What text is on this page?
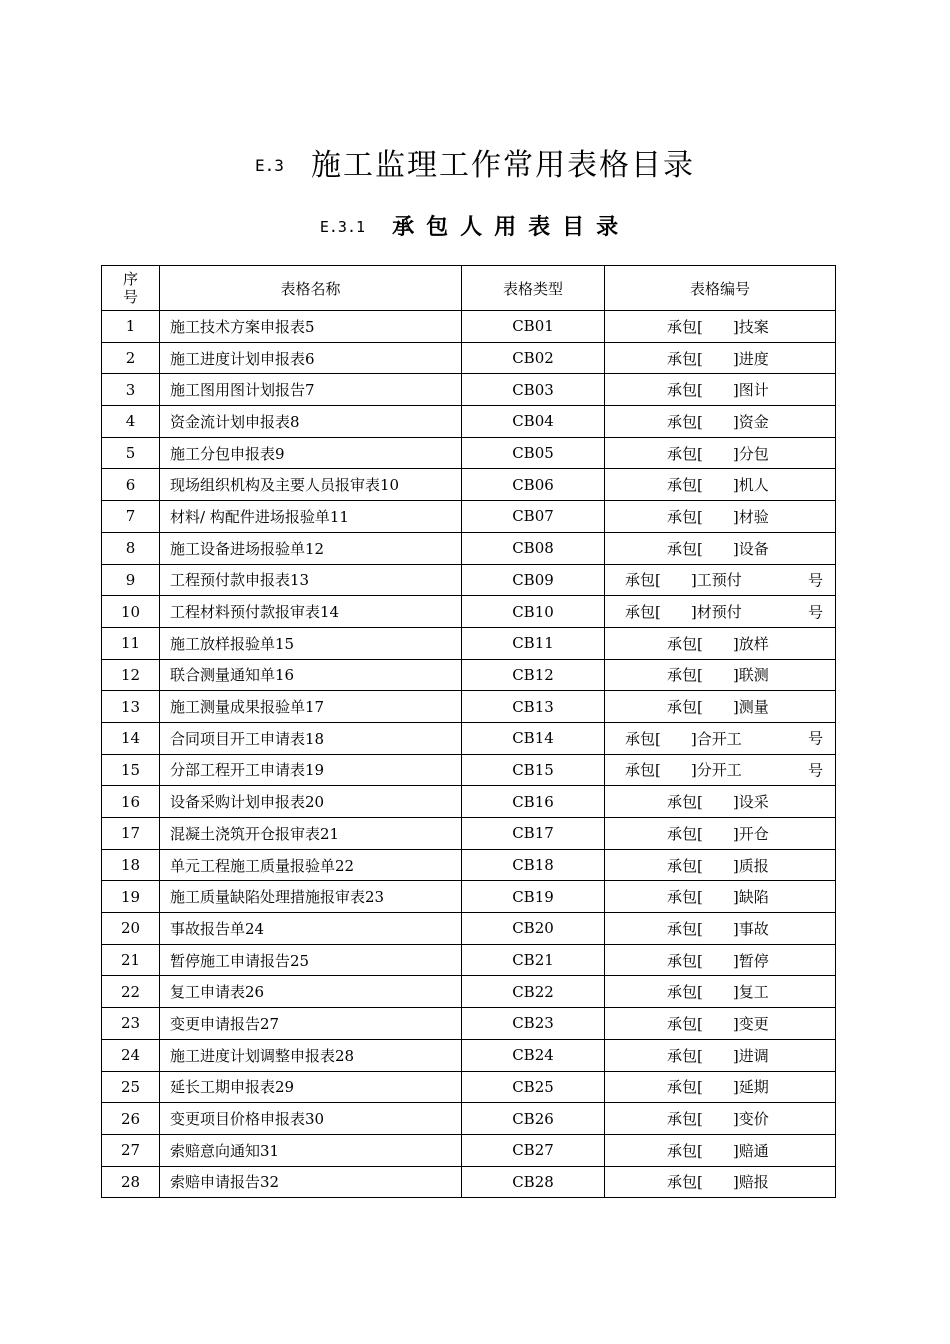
E.3 施工监理工作常用表格目录
E.3.1 承包人用表目录
序
号	表格名称	表格类型	表格编号
1	施工技术方案申报表5	CB01	承包[　　]技案

2	施工进度计划申报表6	CB02	承包[　　]进度

3	施工图用图计划报告7	CB03	承包[　　]图计

4	资金流计划申报表8	CB04	承包[　　]资金

5	施工分包申报表9	CB05	承包[　　]分包

6	现场组织机构及主要人员报审表10	CB06	承包[　　]机人

7	材料/ 构配件进场报验单11	CB07	承包[　　]材验

8	施工设备进场报验单12	CB08	承包[　　]设备

9	工程预付款申报表13	CB09	承包[　　]工预付 号

10	工程材料预付款报审表14	CB10	承包[　　]材预付 号

11	施工放样报验单15	CB11	承包[　　]放样

12	联合测量通知单16	CB12	承包[　　]联测

13	施工测量成果报验单17	CB13	承包[　　]测量

14	合同项目开工申请表18	CB14	承包[　　]合开工 号

15	分部工程开工申请表19	CB15	承包[　　]分开工 号

16	设备采购计划申报表20	CB16	承包[　　]设采

17	混凝土浇筑开仓报审表21	CB17	承包[　　]开仓

18	单元工程施工质量报验单22	CB18	承包[　　]质报

19	施工质量缺陷处理措施报审表23	CB19	承包[　　]缺陷

20	事故报告单24	CB20	承包[　　]事故

21	暂停施工申请报告25	CB21	承包[　　]暂停

22	复工申请表26	CB22	承包[　　]复工

23	变更申请报告27	CB23	承包[　　]变更

24	施工进度计划调整申报表28	CB24	承包[　　]进调

25	延长工期申报表29	CB25	承包[　　]延期

26	变更项目价格申报表30	CB26	承包[　　]变价

27	索赔意向通知31	CB27	承包[　　]赔通

28	索赔申请报告32	CB28	承包[　　]赔报
